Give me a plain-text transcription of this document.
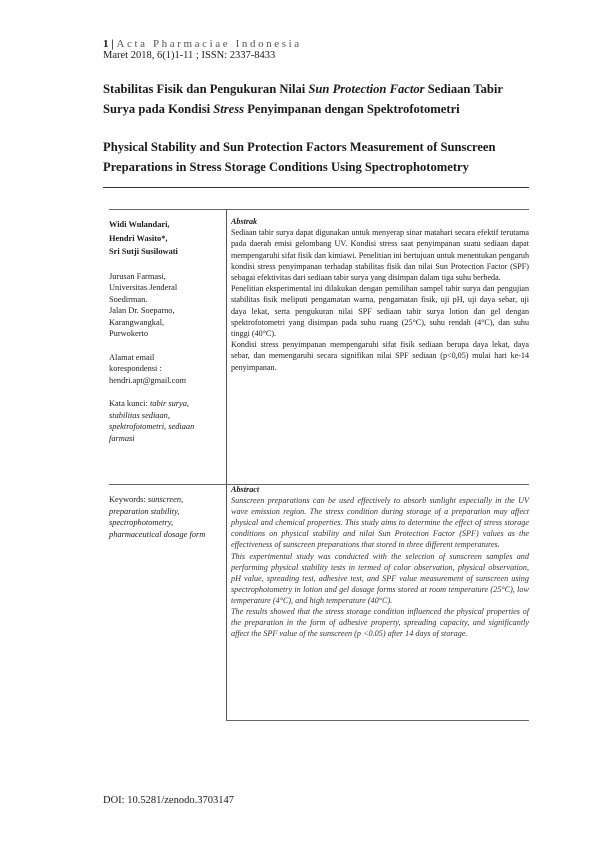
1 | Acta Pharmaciae Indonesia
Maret 2018, 6(1)1-11 ; ISSN: 2337-8433
Stabilitas Fisik dan Pengukuran Nilai Sun Protection Factor Sediaan Tabir Surya pada Kondisi Stress Penyimpanan dengan Spektrofotometri
Physical Stability and Sun Protection Factors Measurement of Sunscreen Preparations in Stress Storage Conditions Using Spectrophotometry
Widi Wulandari,
Hendri Wasito*,
Sri Sutji Susilowati

Jurusan Farmasi,

Universitas Jenderal

Soedirman.

Jalan Dr. Soeparno,

Karangwangkal,

Purwokerto

Alamat email

korespondensi :

hendri.apt@gmail.com

Kata kunci: tabir surya, stabilitas sediaan, spektrofotometri, sediaan farmasi

Abstrak

Sediaan tabir surya dapat digunakan untuk menyerap sinar matahari secara efektif terutama pada daerah emisi gelombang UV. Kondisi stress saat penyimpanan suatu sediaan dapat mempengaruhi sifat fisik dan kimiawi. Penelitian ini bertujuan untuk menentukan pengaruh kondisi stress penyimpanan terhadap stabilitas fisik dan nilai Sun Protection Factor (SPF) sebagai efektivitas dari sediaan tabir surya yang disimpan dalam tiga suhu berbeda.

Penelitian eksperimental ini dilakukan dengan pemilihan sampel tabir surya dan pengujian stabilitas fisik meliputi pengamatan warna, pengamatan fisik, uji pH, uji daya sebar, uji daya lekat, serta pengukuran nilai SPF sediaan tabir surya lotion dan gel dengan spektrofotometri yang disimpan pada suhu ruang (25°C), suhu rendah (4°C), dan suhu tinggi (40°C).

Kondisi stress penyimpanan mempengaruhi sifat fisik sediaan berupa daya lekat, daya sebar, dan memengaruhi secara signifikan nilai SPF sediaan (p<0,05) mulai hari ke-14 penyimpanan.

Keywords: sunscreen, preparation stability, spectrophotometry, pharmaceutical dosage form

Abstract

Sunscreen preparations can be used effectively to absorb sunlight especially in the UV wave emission region. The stress condition during storage of a preparation may affect physical and chemical properties. This study aims to determine the effect of stress storage conditions on physical stability and nilai Sun Protection Factor (SPF) values as the effectiveness of sunscreen preparations that stored in three different temperatures.

This experimental study was conducted with the selection of sunscreen samples and performing physical stability tests in termed of color observation, physical observation, pH value, spreading test, adhesive test, and SPF value measurement of sunscreen using spectrophotometry in lotion and gel dosage forms stored at room temperature (25°C), low temperature (4°C), and high temperature (40°C).

The results showed that the stress storage condition influenced the physical properties of the preparation in the form of adhesive property, spreading capacity, and significantly affect the SPF value of the sunscreen (p <0.05) after 14 days of storage.

DOI: 10.5281/zenodo.3703147
